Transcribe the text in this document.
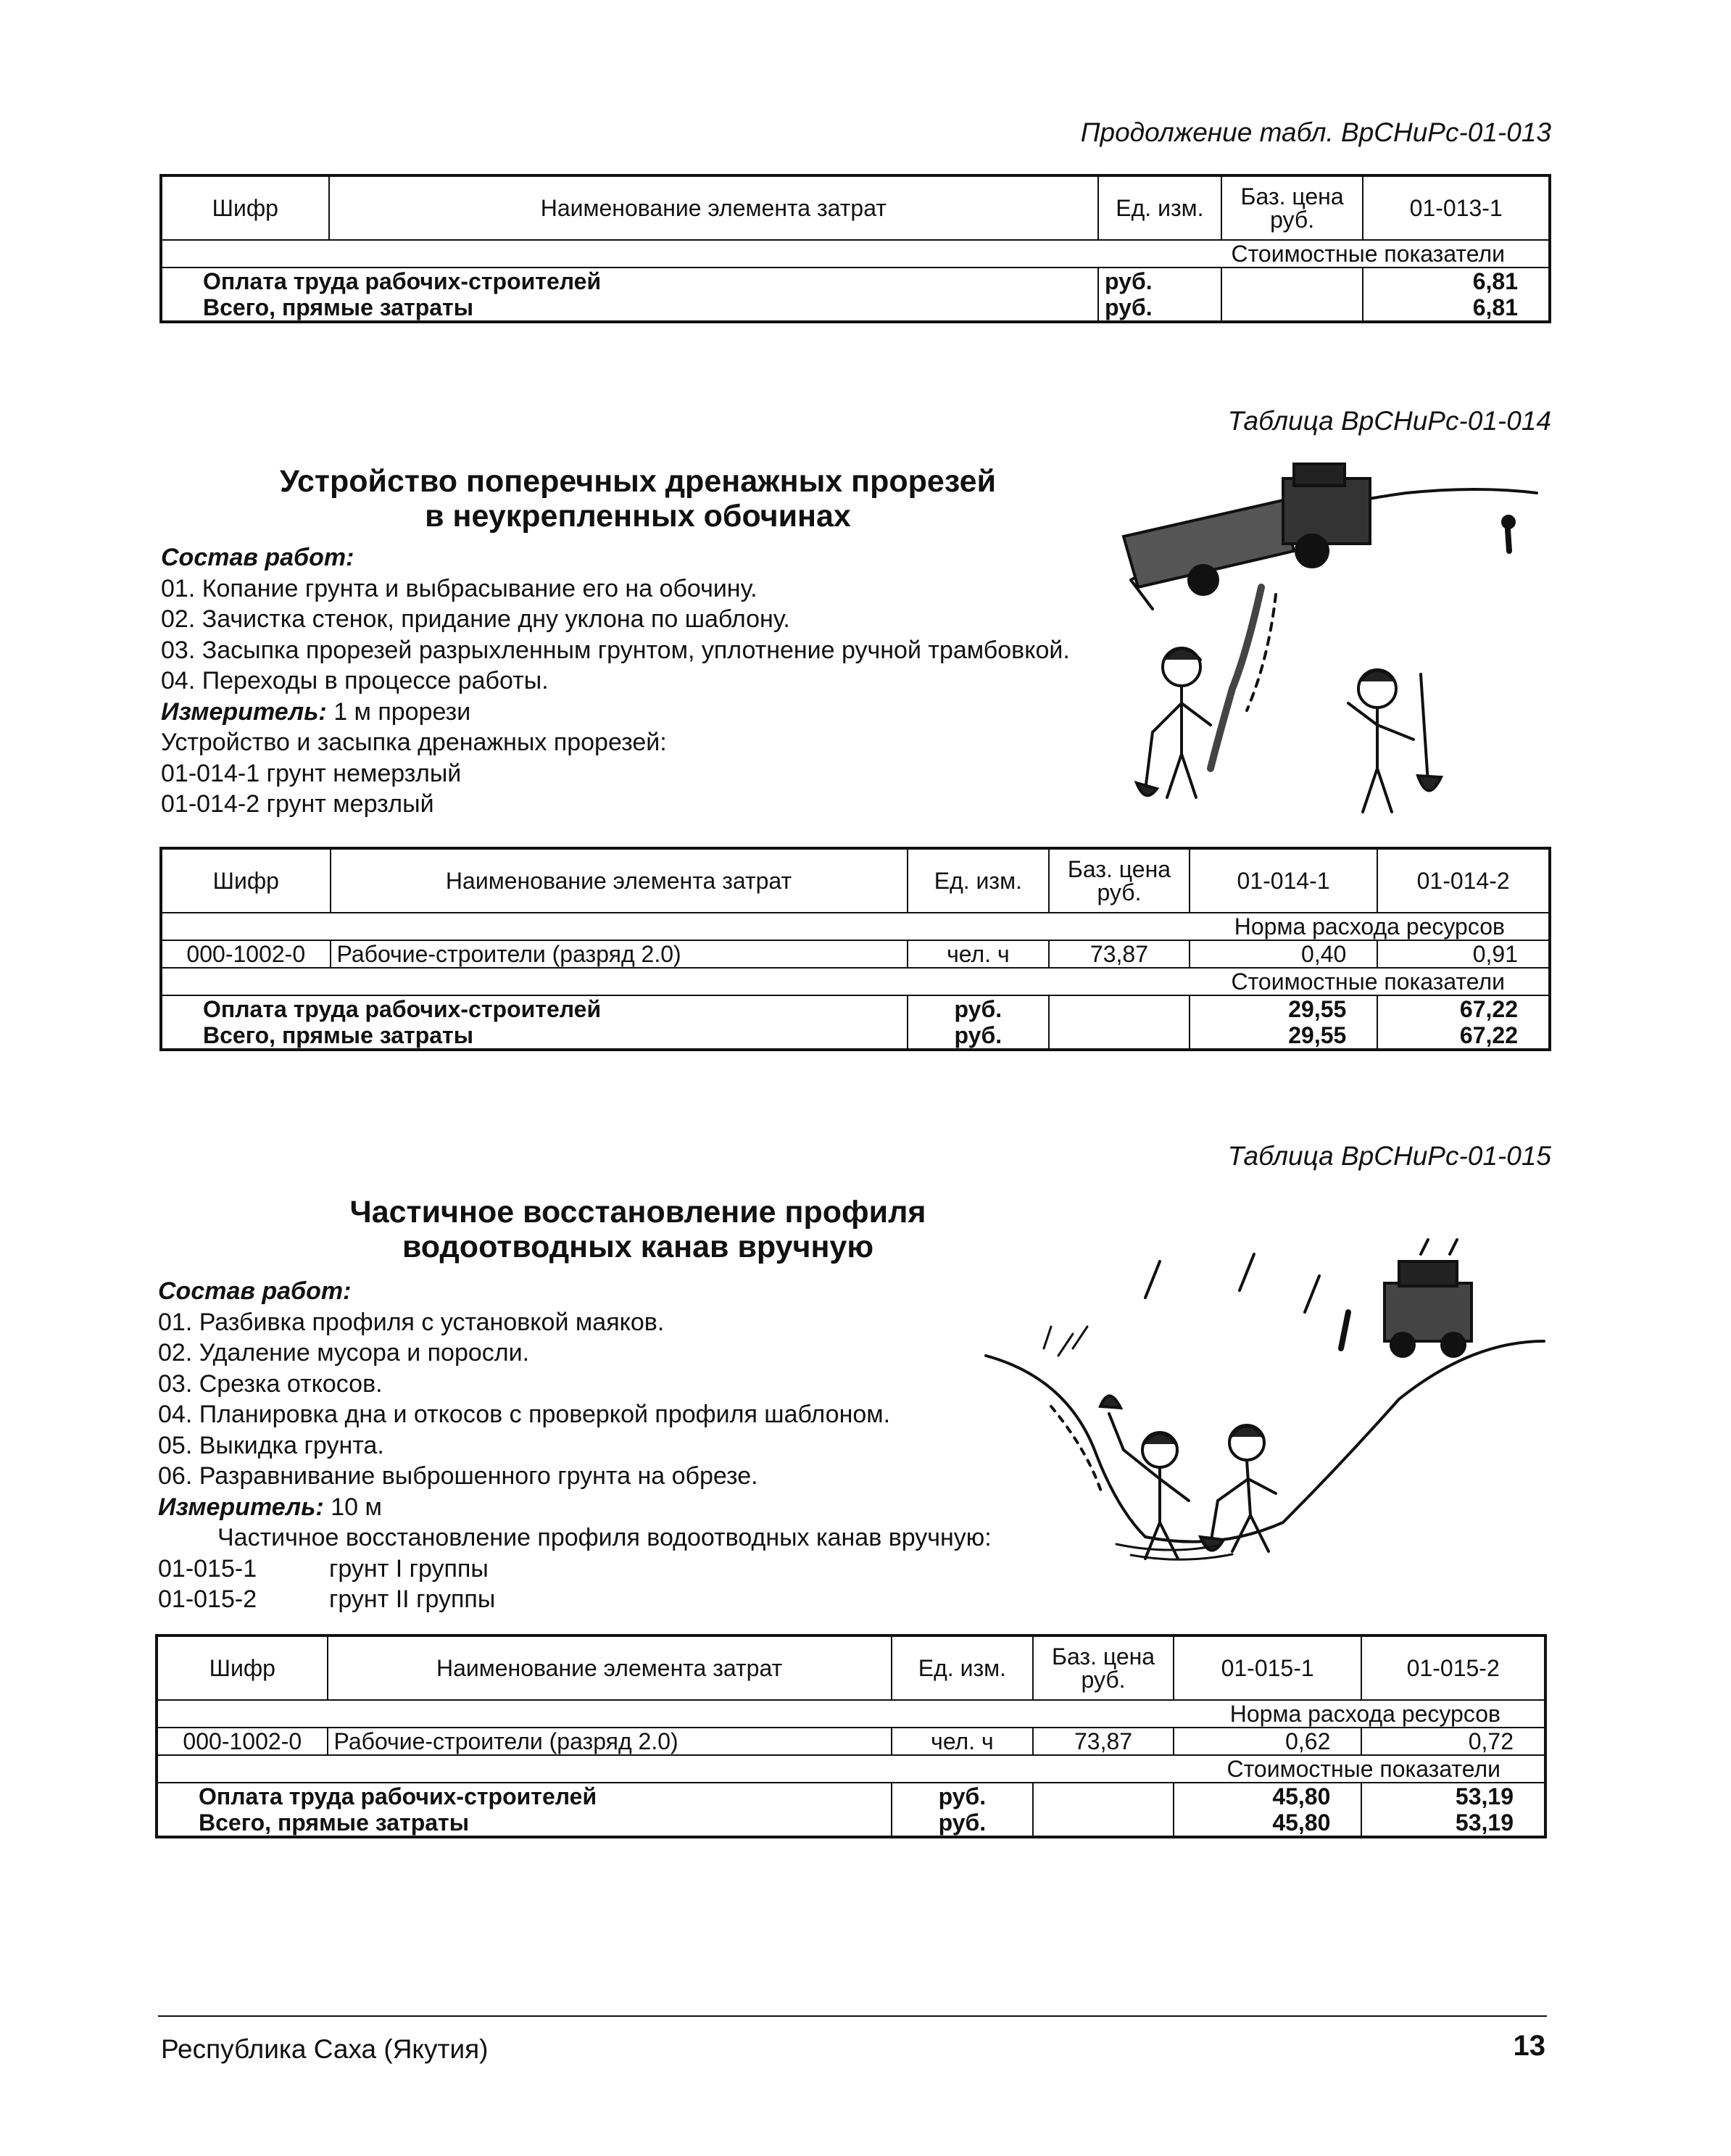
Продолжение табл. ВрСНиРс-01-013
Шифр	Наименование элемента затрат	Ед. изм.	Баз. цена руб.	01-013-1
Стоимостные показатели				
Оплата труда рабочих-строителей		руб.		6,81
Всего, прямые затраты		руб.		6,81
Таблица ВрСНиРс-01-014
Устройство поперечных дренажных прорезей
в неукрепленных обочинах
Состав работ:
01. Копание грунта и выбрасывание его на обочину.
02. Зачистка стенок, придание дну уклона по шаблону.
03. Засыпка прорезей разрыхленным грунтом, уплотнение ручной трамбовкой.
04. Переходы в процессе работы.
Измеритель: 1 м прорези
Устройство и засыпка дренажных прорезей:
01-014-1 грунт немерзлый
01-014-2 грунт мерзлый
Шифр	Наименование элемента затрат	Ед. изм.	Баз. цена руб.	01-014-1	01-014-2
Норма расхода ресурсов					
000-1002-0	Рабочие-строители (разряд 2.0)	чел. ч	73,87	0,40	0,91
Стоимостные показатели					
Оплата труда рабочих-строителей		руб.		29,55	67,22
Всего, прямые затраты		руб.		29,55	67,22
Таблица ВрСНиРс-01-015
Частичное восстановление профиля
водоотводных канав вручную
Состав работ:
01. Разбивка профиля с установкой маяков.
02. Удаление мусора и поросли.
03. Срезка откосов.
04. Планировка дна и откосов с проверкой профиля шаблоном.
05. Выкидка грунта.
06. Разравнивание выброшенного грунта на обрезе.
Измеритель: 10 м
Частичное восстановление профиля водоотводных канав вручную:
01-015-1	грунт I группы
01-015-2	грунт II группы
Шифр	Наименование элемента затрат	Ед. изм.	Баз. цена руб.	01-015-1	01-015-2
Норма расхода ресурсов					
000-1002-0	Рабочие-строители (разряд 2.0)	чел. ч	73,87	0,62	0,72
Стоимостные показатели					
Оплата труда рабочих-строителей		руб.		45,80	53,19
Всего, прямые затраты		руб.		45,80	53,19
Республика Саха (Якутия)	13
